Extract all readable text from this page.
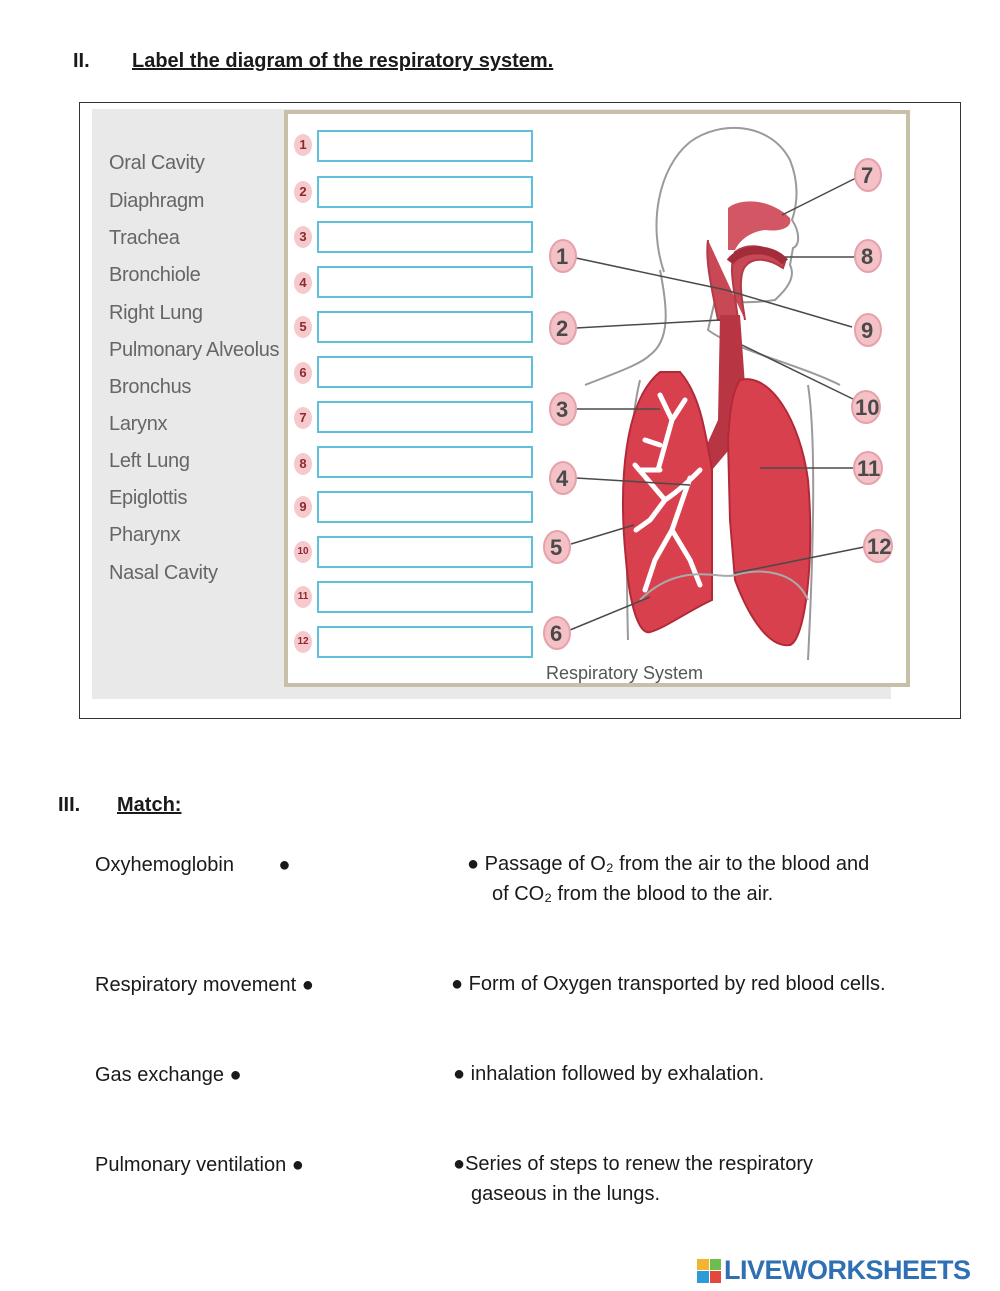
II. Label the diagram of the respiratory system.
Oral Cavity
Diaphragm
Trachea
Bronchiole
Right Lung
Pulmonary Alveolus
Bronchus
Larynx
Left Lung
Epiglottis
Pharynx
Nasal Cavity
1
2
3
4
5
6
7
8
9
10
11
12
1
2
3
4
5
6
7
8
9
10
11
12
Respiratory System
III. Match:
Oxyhemoglobin        ●
Respiratory movement ●
Gas exchange ●
Pulmonary ventilation ●
● Passage of O₂ from the air to the blood and
of CO₂ from the blood to the air.
● Form of Oxygen transported by red blood cells.
● inhalation followed by exhalation.
●Series of steps to renew the respiratory
gaseous in the lungs.
LIVEWORKSHEETS
